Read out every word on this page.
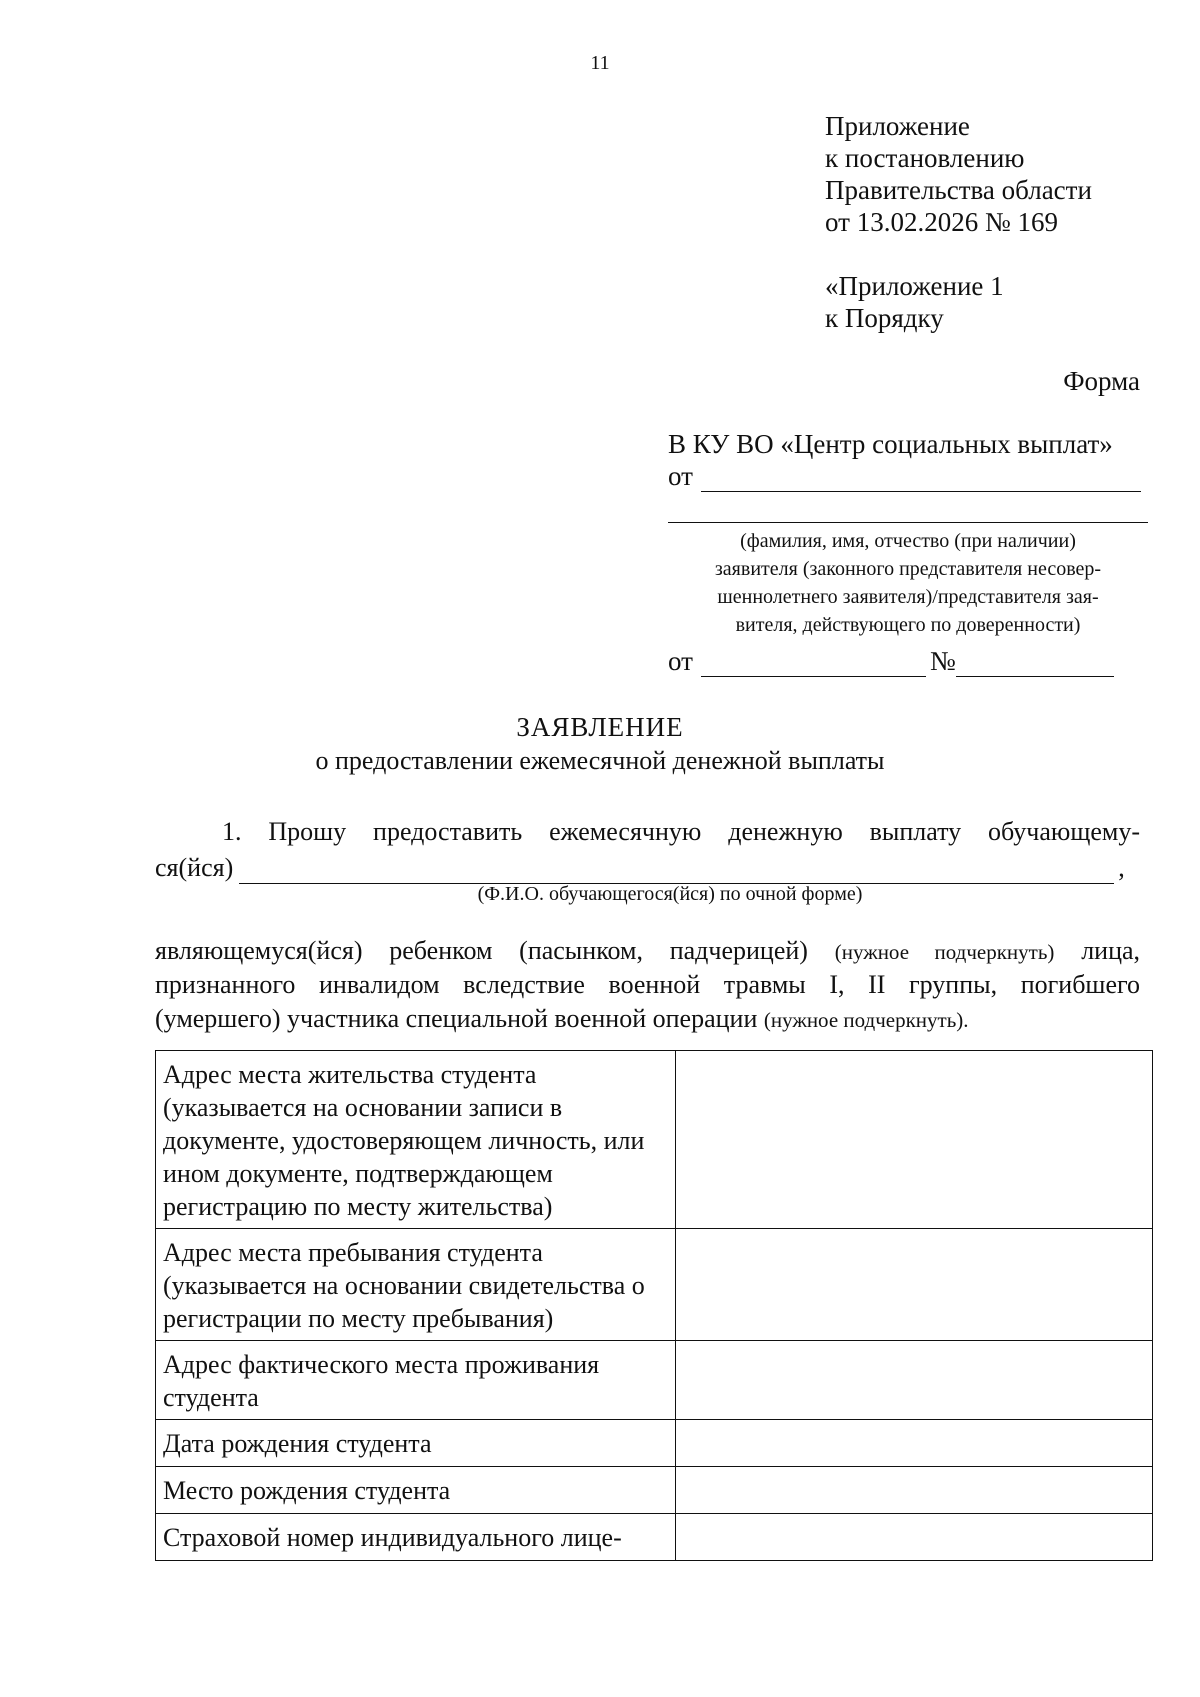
11
Приложение
к постановлению
Правительства области
от 13.02.2026 № 169
«Приложение 1
к Порядку
Форма
В КУ ВО «Центр социальных выплат»
от
(фамилия, имя, отчество (при наличии)
заявителя (законного представителя несовер-
шеннолетнего заявителя)/представителя зая-
вителя, действующего по доверенности)
от	№
ЗАЯВЛЕНИЕ
о предоставлении ежемесячной денежной выплаты
1. Прошу предоставить ежемесячную денежную выплату обучающему-
ся(йся)	,
(Ф.И.О. обучающегося(йся) по очной форме)
являющемуся(йся) ребенком (пасынком, падчерицей) (нужное подчеркнуть) лица,
признанного инвалидом вследствие военной травмы I, II группы, погибшего
(умершего) участника специальной военной операции (нужное подчеркнуть).
Адрес места жительства студента (указывается на основании записи в документе, удостоверяющем личность, или ином документе, подтверждающем регистрацию по месту жительства)	
Адрес места пребывания студента (указывается на основании свидетельства о регистрации по месту пребывания)	
Адрес фактического места проживания студента	
Дата рождения студента	
Место рождения студента	
Страховой номер индивидуального лице-	
